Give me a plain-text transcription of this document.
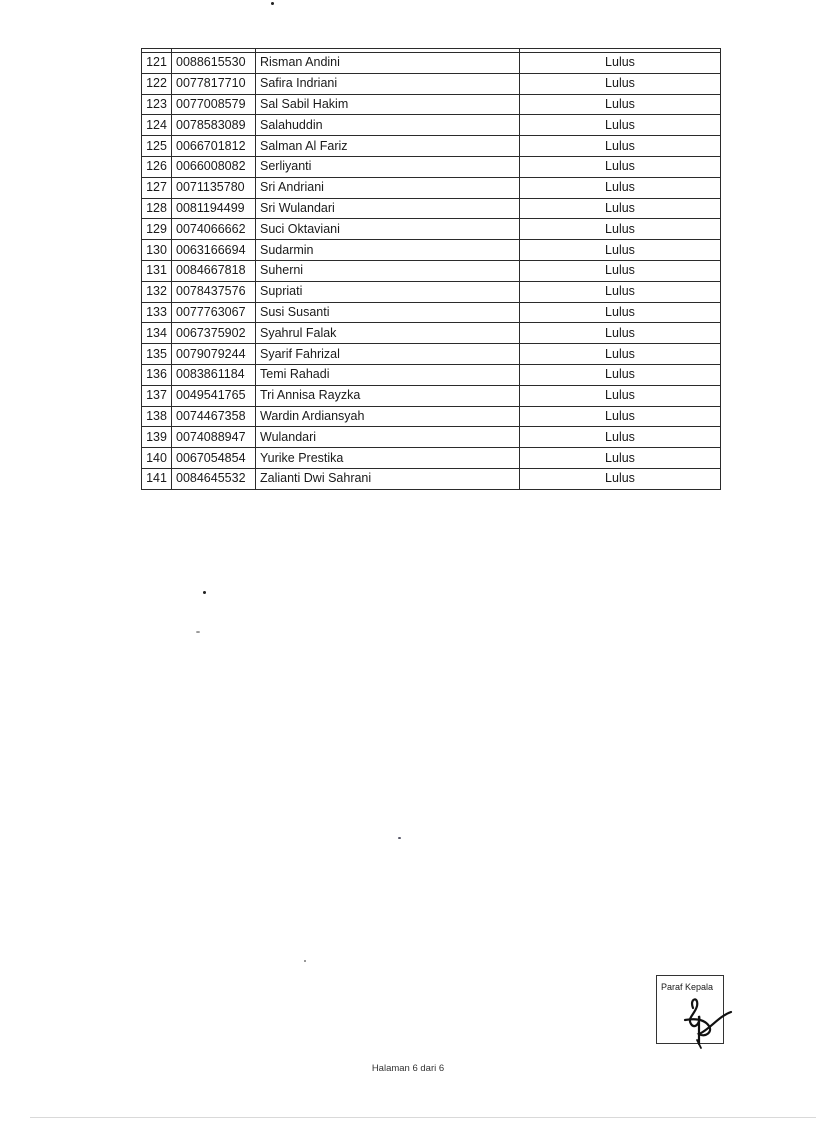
121	0088615530	Risman Andini	Lulus
122	0077817710	Safira Indriani	Lulus
123	0077008579	Sal Sabil Hakim	Lulus
124	0078583089	Salahuddin	Lulus
125	0066701812	Salman Al Fariz	Lulus
126	0066008082	Serliyanti	Lulus
127	0071135780	Sri Andriani	Lulus
128	0081194499	Sri Wulandari	Lulus
129	0074066662	Suci Oktaviani	Lulus
130	0063166694	Sudarmin	Lulus
131	0084667818	Suherni	Lulus
132	0078437576	Supriati	Lulus
133	0077763067	Susi Susanti	Lulus
134	0067375902	Syahrul Falak	Lulus
135	0079079244	Syarif Fahrizal	Lulus
136	0083861184	Temi Rahadi	Lulus
137	0049541765	Tri Annisa Rayzka	Lulus
138	0074467358	Wardin Ardiansyah	Lulus
139	0074088947	Wulandari	Lulus
140	0067054854	Yurike Prestika	Lulus
141	0084645532	Zalianti Dwi Sahrani	Lulus
Paraf Kepala
Halaman 6 dari 6
